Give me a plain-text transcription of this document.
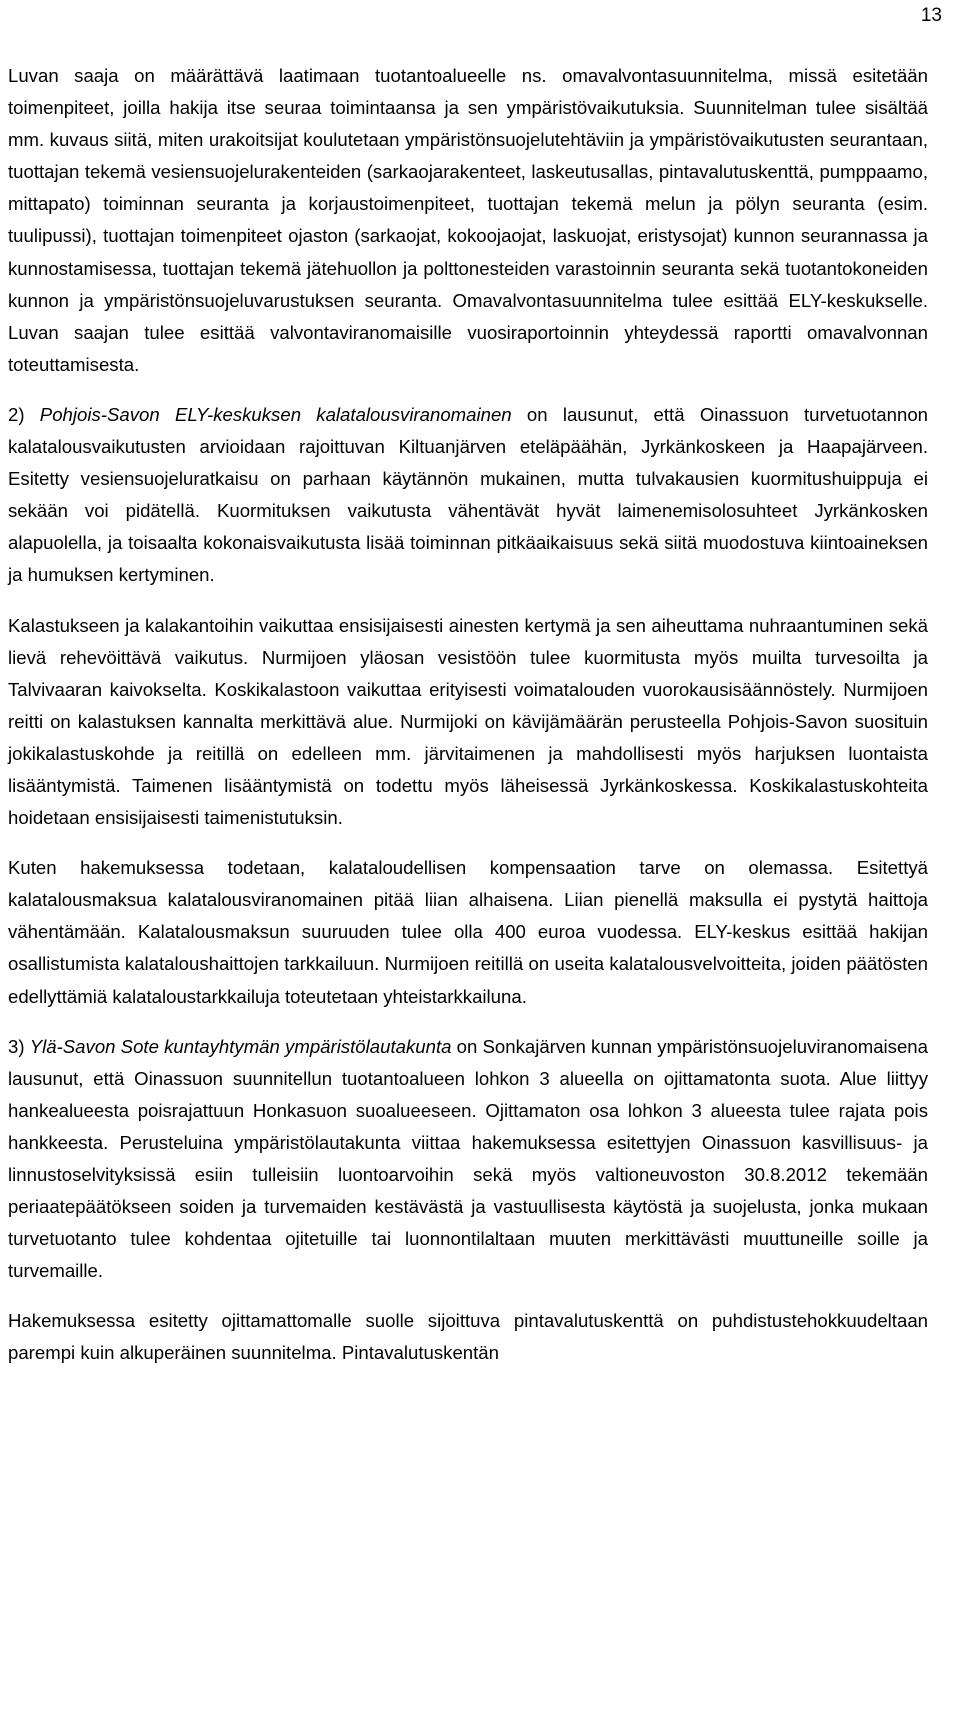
13

Luvan saaja on määrättävä laatimaan tuotantoalueelle ns. omavalvontasuunnitelma, missä esitetään toimenpiteet, joilla hakija itse seuraa toimintaansa ja sen ympäristövaikutuksia. Suunnitelman tulee sisältää mm. kuvaus siitä, miten urakoitsijat koulutetaan ympäristönsuojelutehtäviin ja ympäristövaikutusten seurantaan, tuottajan tekemä vesiensuojelurakenteiden (sarkaojarakenteet, laskeutusallas, pintavalutuskenttä, pumppaamo, mittapato) toiminnan seuranta ja korjaustoimenpiteet, tuottajan tekemä melun ja pölyn seuranta (esim. tuulipussi), tuottajan toimenpiteet ojaston (sarkaojat, kokoojaojat, laskuojat, eristysojat) kunnon seurannassa ja kunnostamisessa, tuottajan tekemä jätehuollon ja polttonesteiden varastoinnin seuranta sekä tuotantokoneiden kunnon ja ympäristönsuojeluvarustuksen seuranta. Omavalvontasuunnitelma tulee esittää ELY-keskukselle. Luvan saajan tulee esittää valvontaviranomaisille vuosiraportoinnin yhteydessä raportti omavalvonnan toteuttamisesta.

2) Pohjois-Savon ELY-keskuksen kalatalousviranomainen on lausunut, että Oinassuon turvetuotannon kalatalousvaikutusten arvioidaan rajoittuvan Kiltuanjärven eteläpäähän, Jyrkänkoskeen ja Haapajärveen. Esitetty vesiensuojeluratkaisu on parhaan käytännön mukainen, mutta tulvakausien kuormitushuippuja ei sekään voi pidätellä. Kuormituksen vaikutusta vähentävät hyvät laimenemisolosuhteet Jyrkänkosken alapuolella, ja toisaalta kokonaisvaikutusta lisää toiminnan pitkäaikaisuus sekä siitä muodostuva kiintoaineksen ja humuksen kertyminen.

Kalastukseen ja kalakantoihin vaikuttaa ensisijaisesti ainesten kertymä ja sen aiheuttama nuhraantuminen sekä lievä rehevöittävä vaikutus. Nurmijoen yläosan vesistöön tulee kuormitusta myös muilta turvesoilta ja Talvivaaran kaivokselta. Koskikalastoon vaikuttaa erityisesti voimatalouden vuorokausisäännöstely. Nurmijoen reitti on kalastuksen kannalta merkittävä alue. Nurmijoki on kävijämäärän perusteella Pohjois-Savon suosituin jokikalastuskohde ja reitillä on edelleen mm. järvitaimenen ja mahdollisesti myös harjuksen luontaista lisääntymistä. Taimenen lisääntymistä on todettu myös läheisessä Jyrkänkoskessa. Koskikalastuskohteita hoidetaan ensisijaisesti taimenistutuksin.

Kuten hakemuksessa todetaan, kalataloudellisen kompensaation tarve on olemassa. Esitettyä kalatalousmaksua kalatalousviranomainen pitää liian alhaisena. Liian pienellä maksulla ei pystytä haittoja vähentämään. Kalatalousmaksun suuruuden tulee olla 400 euroa vuodessa. ELY-keskus esittää hakijan osallistumista kalataloushaittojen tarkkailuun. Nurmijoen reitillä on useita kalatalousvelvoitteita, joiden päätösten edellyttämiä kalataloustarkkailuja toteutetaan yhteistarkkailuna.

3) Ylä-Savon Sote kuntayhtymän ympäristölautakunta on Sonkajärven kunnan ympäristönsuojeluviranomaisena lausunut, että Oinassuon suunnitellun tuotantoalueen lohkon 3 alueella on ojittamatonta suota. Alue liittyy hankealueesta poisrajattuun Honkasuon suoalueeseen. Ojittamaton osa lohkon 3 alueesta tulee rajata pois hankkeesta. Perusteluina ympäristölautakunta viittaa hakemuksessa esitettyjen Oinassuon kasvillisuus- ja linnustoselvityksissä esiin tulleisiin luontoarvoihin sekä myös valtioneuvoston 30.8.2012 tekemään periaatepäätökseen soiden ja turvemaiden kestävästä ja vastuullisesta käytöstä ja suojelusta, jonka mukaan turvetuotanto tulee kohdentaa ojitetuille tai luonnontilaltaan muuten merkittävästi muuttuneille soille ja turvemaille.

Hakemuksessa esitetty ojittamattomalle suolle sijoittuva pintavalutuskenttä on puhdistustehokkuudeltaan parempi kuin alkuperäinen suunnitelma. Pintavalutuskentän
